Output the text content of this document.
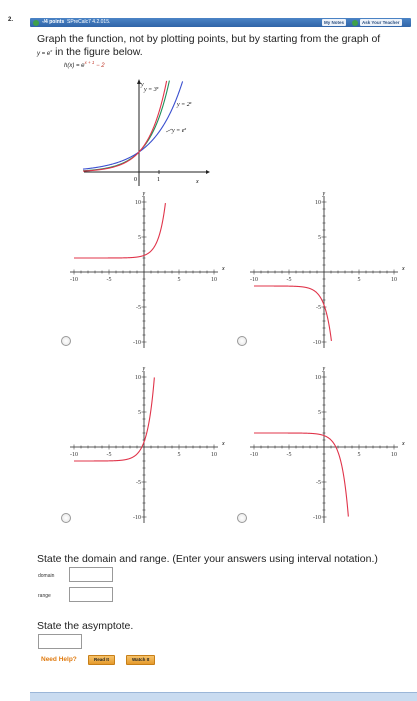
2.	-/4 points SPreCalc7 4.2.015.	My Notes	Ask Your Teacher
Graph the function, not by plotting points, but by starting from the graph of
$y = e^x$ in the figure below.
$h(x) = e^{x + 1} - 2$
y
x
0	1
$y = 3^x$
$y = 2^x$
$y = e^x$
-10	-5	5	10
10
5
-5
-10
x
y
-10	-5	5	10
10
5
-5
-10
x
y
-10	-5	5	10
10
5
-5
-10
x
y
-10	-5	5	10
10
5
-5
-10
x
y
State the domain and range. (Enter your answers using interval notation.)
domain
range
State the asymptote.
Need Help?	Read It	Watch It
